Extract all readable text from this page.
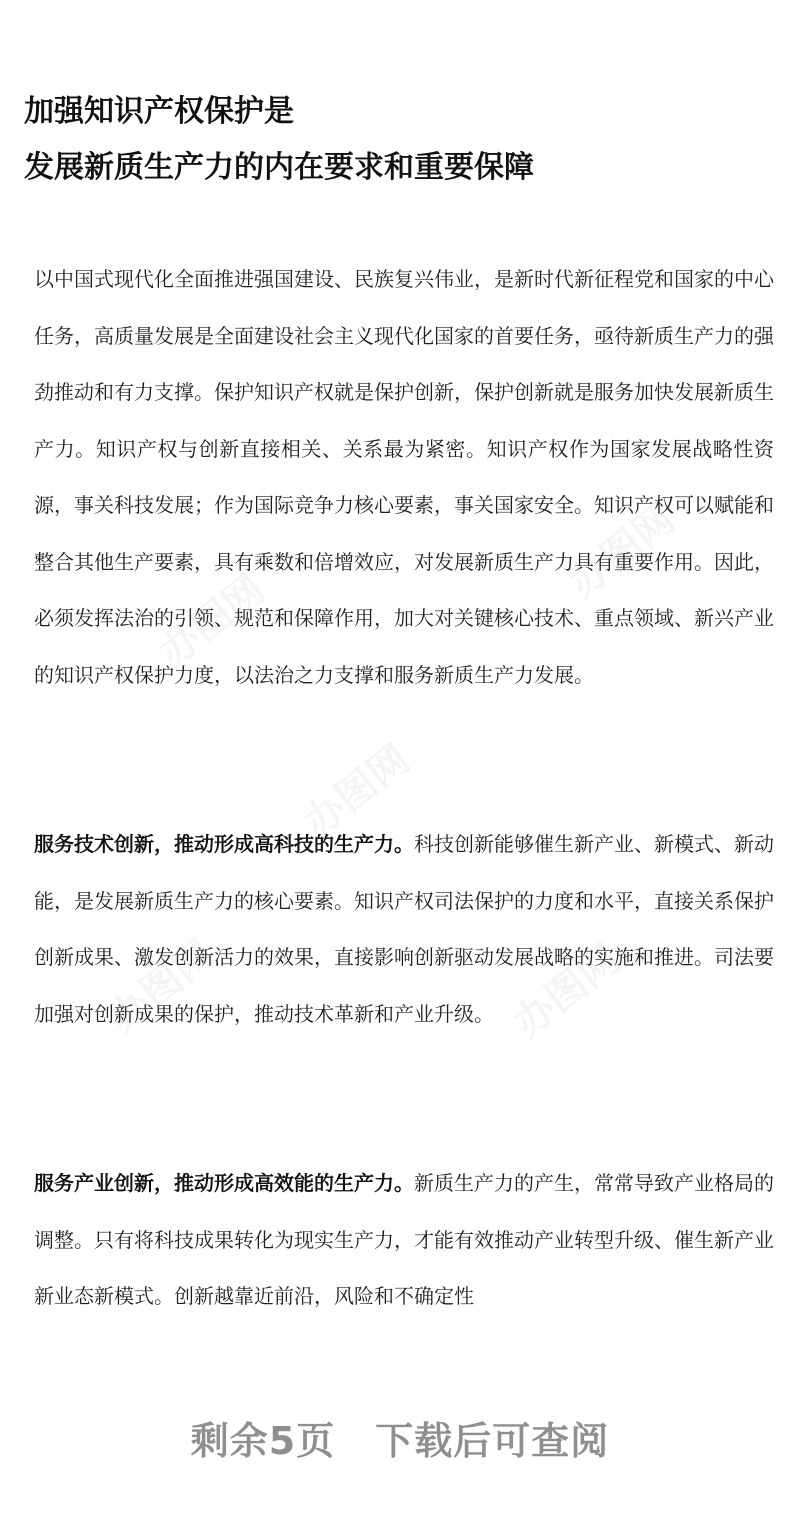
加强知识产权保护是
发展新质生产力的内在要求和重要保障

以中国式现代化全面推进强国建设、民族复兴伟业，是新时代新征程党和国家的中心任务，高质量发展是全面建设社会主义现代化国家的首要任务，亟待新质生产力的强劲推动和有力支撑。保护知识产权就是保护创新，保护创新就是服务加快发展新质生产力。知识产权与创新直接相关、关系最为紧密。知识产权作为国家发展战略性资源，事关科技发展；作为国际竞争力核心要素，事关国家安全。知识产权可以赋能和整合其他生产要素，具有乘数和倍增效应，对发展新质生产力具有重要作用。因此，必须发挥法治的引领、规范和保障作用，加大对关键核心技术、重点领域、新兴产业的知识产权保护力度，以法治之力支撑和服务新质生产力发展。

服务技术创新，推动形成高科技的生产力。科技创新能够催生新产业、新模式、新动能，是发展新质生产力的核心要素。知识产权司法保护的力度和水平，直接关系保护创新成果、激发创新活力的效果，直接影响创新驱动发展战略的实施和推进。司法要加强对创新成果的保护，推动技术革新和产业升级。

服务产业创新，推动形成高效能的生产力。新质生产力的产生，常常导致产业格局的调整。只有将科技成果转化为现实生产力，才能有效推动产业转型升级、催生新产业新业态新模式。创新越靠近前沿，风险和不确定性

剩余5页 下载后可查阅
